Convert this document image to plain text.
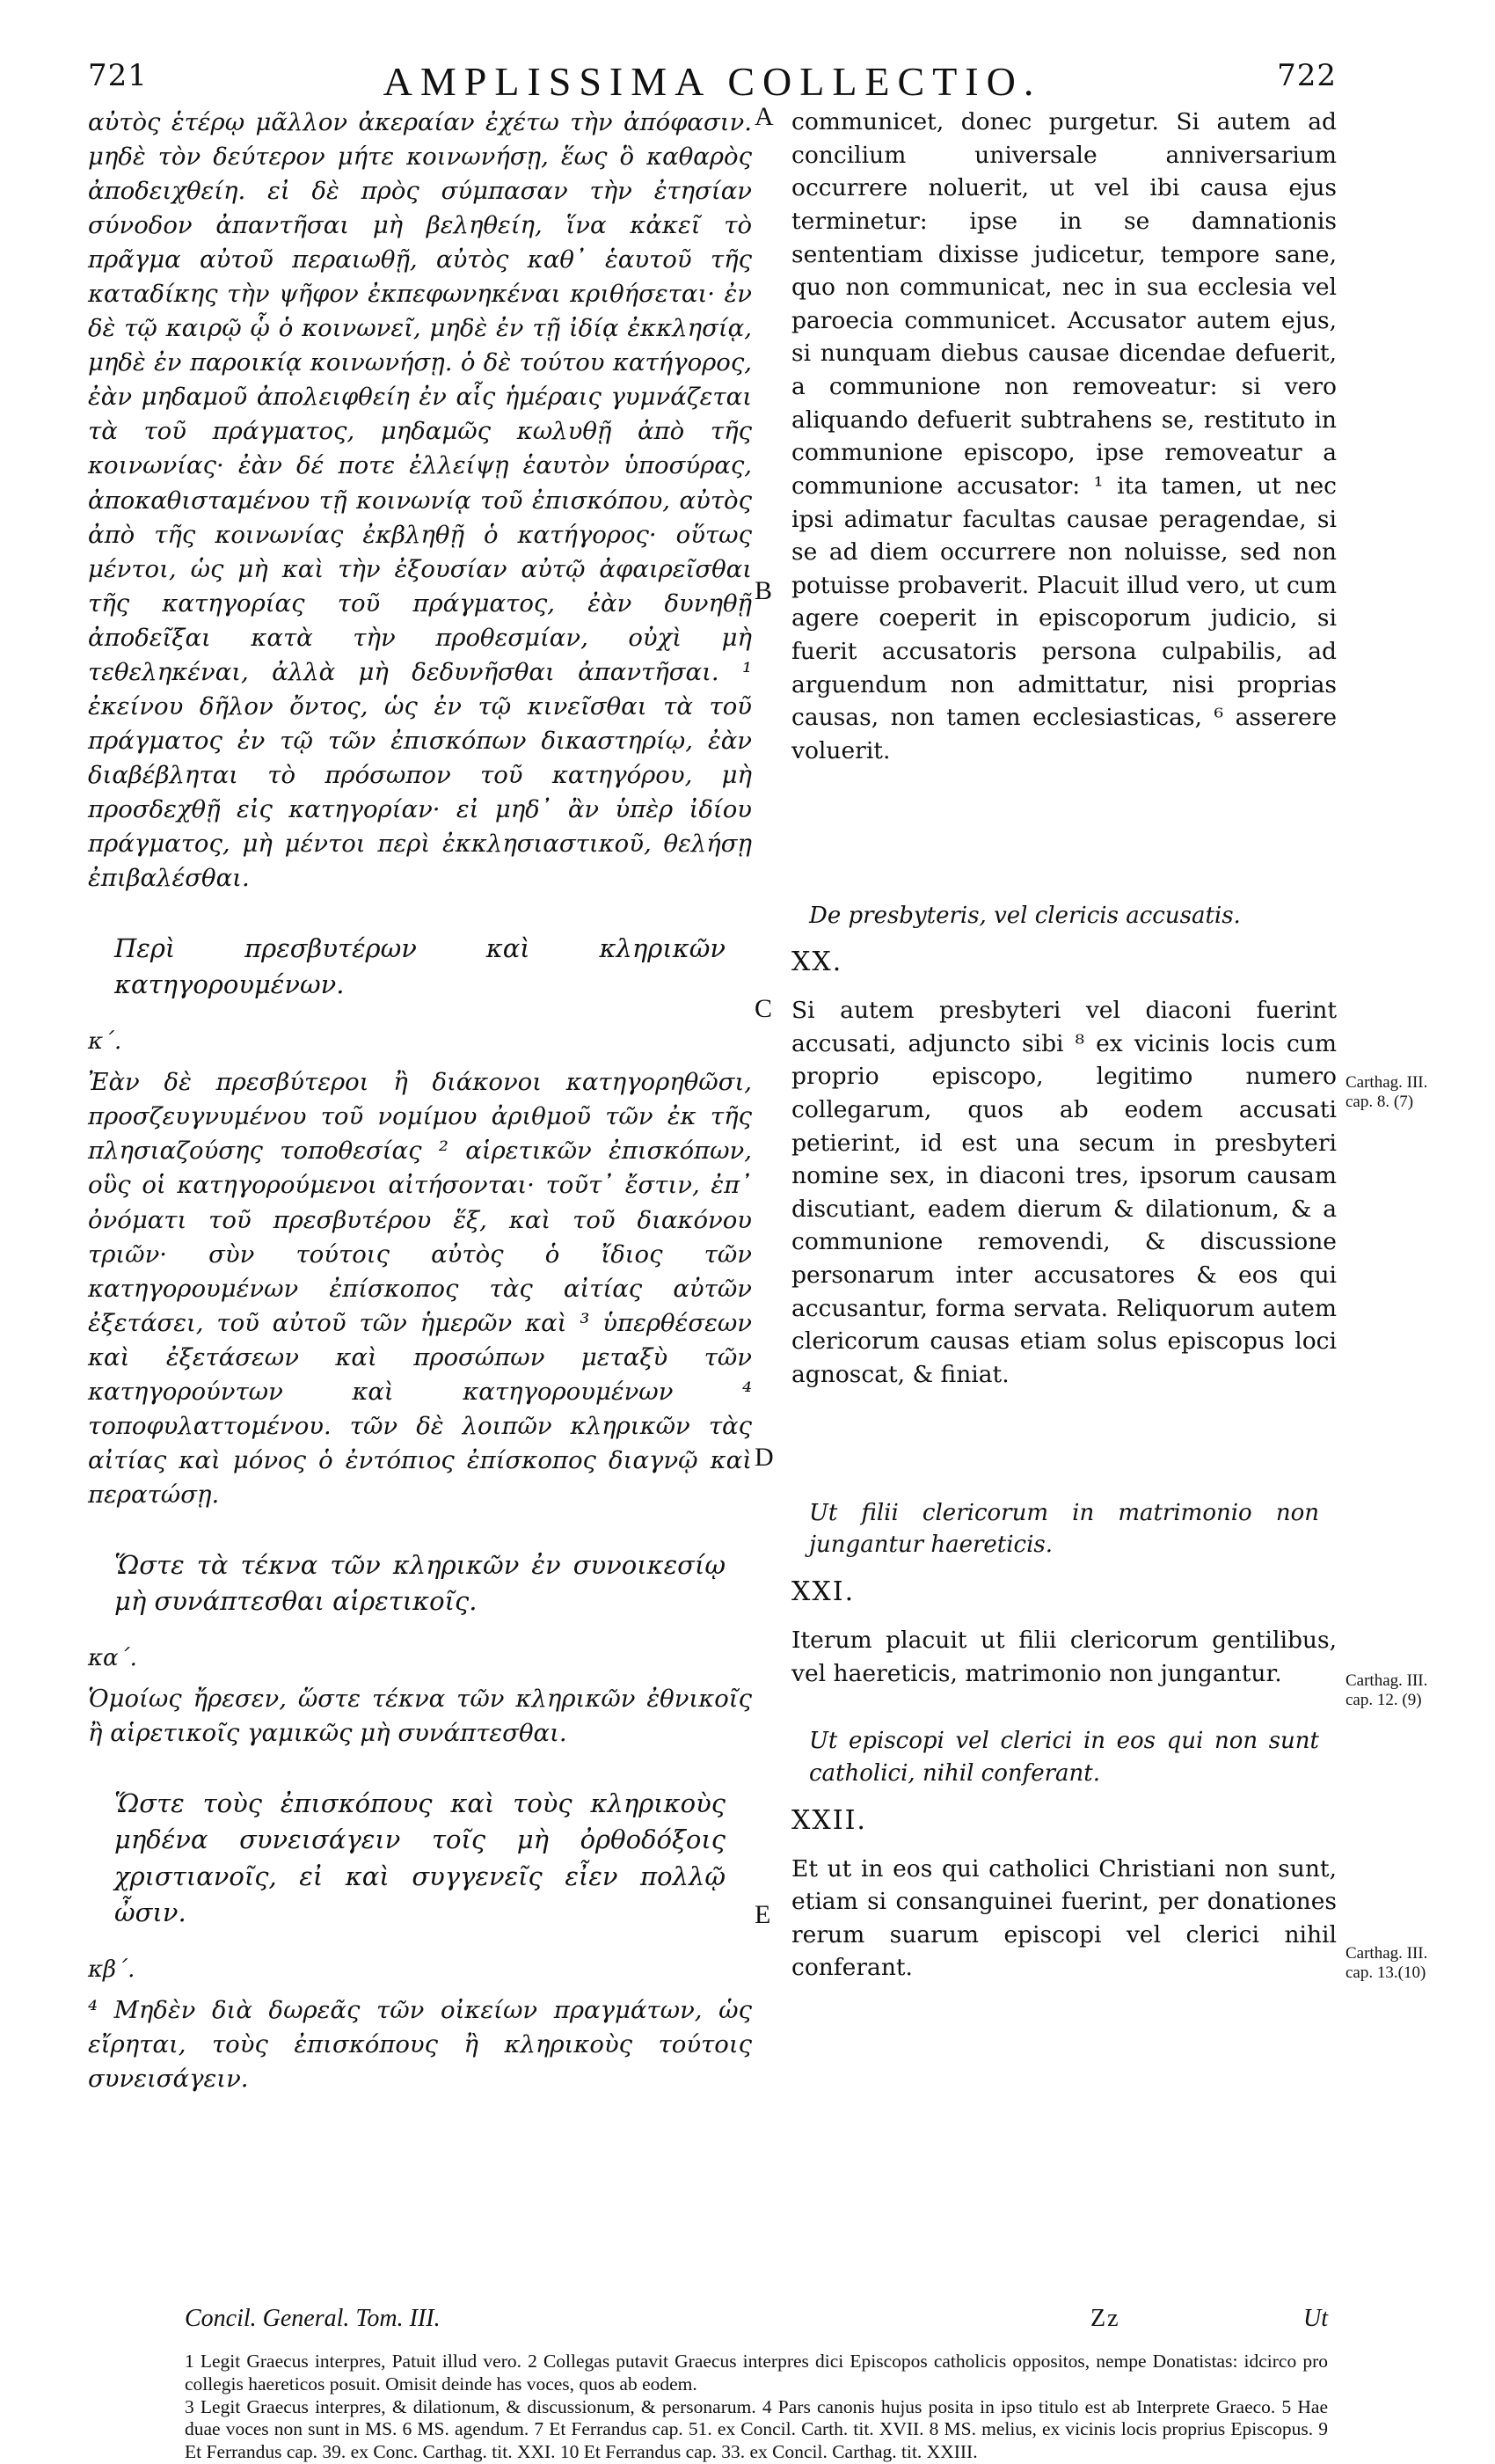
721	AMPLISSIMA COLLECTIO.	722

αὐτὸς ἑτέρῳ μᾶλλον ἀκεραίαν ἐχέτω τὴν ἀπόφασιν. μηδὲ τὸν δεύτερον μήτε κοινωνήσῃ, ἕως ὃ καθαρὸς ἀποδειχθείη. εἰ δὲ πρὸς σύμπασαν τὴν ἐτησίαν σύνοδον ἀπαντῆσαι μὴ βεληθείη, ἵνα κἀκεῖ τὸ πρᾶγμα αὐτοῦ περαιωθῇ, αὐτὸς καθ᾽ ἑαυτοῦ τῆς καταδίκης τὴν ψῆφον ἐκπεφωνηκέναι κριθήσεται· ἐν δὲ τῷ καιρῷ ᾧ ὁ κοινωνεῖ, μηδὲ ἐν τῇ ἰδίᾳ ἐκκλησίᾳ, μηδὲ ἐν παροικίᾳ κοινωνήσῃ. ὁ δὲ τούτου κατήγορος, ἐὰν μηδαμοῦ ἀπολειφθείη ἐν αἷς ἡμέραις γυμνάζεται τὰ τοῦ πράγματος, μηδαμῶς κωλυθῇ ἀπὸ τῆς κοινωνίας· ἐὰν δέ ποτε ἐλλείψῃ ἑαυτὸν ὑποσύρας, ἀποκαθισταμένου τῇ κοινωνίᾳ τοῦ ἐπισκόπου, αὐτὸς ἀπὸ τῆς κοινωνίας ἐκβληθῇ ὁ κατήγορος· οὕτως μέντοι, ὡς μὴ καὶ τὴν ἐξουσίαν αὐτῷ ἀφαιρεῖσθαι τῆς κατηγορίας τοῦ πράγματος, ἐὰν δυνηθῇ ἀποδεῖξαι κατὰ τὴν προθεσμίαν, οὐχὶ μὴ τεθεληκέναι, ἀλλὰ μὴ δεδυνῆσθαι ἀπαντῆσαι. ¹ ἐκείνου δῆλον ὄντος, ὡς ἐν τῷ κινεῖσθαι τὰ τοῦ πράγματος ἐν τῷ τῶν ἐπισκόπων δικαστηρίῳ, ἐὰν διαβέβληται τὸ πρόσωπον τοῦ κατηγόρου, μὴ προσδεχθῇ εἰς κατηγορίαν· εἰ μηδ᾽ ἂν ὑπὲρ ἰδίου πράγματος, μὴ μέντοι περὶ ἐκκλησιαστικοῦ, θελήσῃ ἐπιβαλέσθαι.

Περὶ πρεσβυτέρων καὶ κληρικῶν κατηγορουμένων.

κ΄.

Ἐὰν δὲ πρεσβύτεροι ἢ διάκονοι κατηγορηθῶσι, προσζευγνυμένου τοῦ νομίμου ἀριθμοῦ τῶν ἐκ τῆς πλησιαζούσης τοποθεσίας ² αἱρετικῶν ἐπισκόπων, οὓς οἱ κατηγορούμενοι αἰτήσονται· τοῦτ᾽ ἔστιν, ἐπ᾽ ὀνόματι τοῦ πρεσβυτέρου ἕξ, καὶ τοῦ διακόνου τριῶν· σὺν τούτοις αὐτὸς ὁ ἴδιος τῶν κατηγορουμένων ἐπίσκοπος τὰς αἰτίας αὐτῶν ἐξετάσει, τοῦ αὐτοῦ τῶν ἡμερῶν καὶ ³ ὑπερθέσεων καὶ ἐξετάσεων καὶ προσώπων μεταξὺ τῶν κατηγορούντων καὶ κατηγορουμένων ⁴ τοποφυλαττομένου. τῶν δὲ λοιπῶν κληρικῶν τὰς αἰτίας καὶ μόνος ὁ ἐντόπιος ἐπίσκοπος διαγνῷ καὶ περατώσῃ.

Ὥστε τὰ τέκνα τῶν κληρικῶν ἐν συνοικεσίῳ μὴ συνάπτεσθαι αἱρετικοῖς.

κα΄.

Ὁμοίως ἤρεσεν, ὥστε τέκνα τῶν κληρικῶν ἐθνικοῖς ἢ αἱρετικοῖς γαμικῶς μὴ συνάπτεσθαι.

Ὥστε τοὺς ἐπισκόπους καὶ τοὺς κληρικοὺς μηδένα συνεισάγειν τοῖς μὴ ὀρθοδόξοις χριστιανοῖς, εἰ καὶ συγγενεῖς εἶεν πολλῷ ὦσιν.

κβ΄.

⁴ Μηδὲν διὰ δωρεᾶς τῶν οἰκείων πραγμάτων, ὡς εἴρηται, τοὺς ἐπισκόπους ἢ κληρικοὺς τούτοις συνεισάγειν.

A
B
C
D
E

communicet, donec purgetur. Si autem ad concilium universale anniversarium occurrere noluerit, ut vel ibi causa ejus terminetur: ipse in se damnationis sententiam dixisse judicetur, tempore sane, quo non communicat, nec in sua ecclesia vel paroecia communicet. Accusator autem ejus, si nunquam diebus causae dicendae defuerit, a communione non removeatur: si vero aliquando defuerit subtrahens se, restituto in communione episcopo, ipse removeatur a communione accusator: ¹ ita tamen, ut nec ipsi adimatur facultas causae peragendae, si se ad diem occurrere non noluisse, sed non potuisse probaverit. Placuit illud vero, ut cum agere coeperit in episcoporum judicio, si fuerit accusatoris persona culpabilis, ad arguendum non admittatur, nisi proprias causas, non tamen ecclesiasticas, ⁶ asserere voluerit.

De presbyteris, vel clericis accusatis.

XX.

Si autem presbyteri vel diaconi fuerint accusati, adjuncto sibi ⁸ ex vicinis locis cum proprio episcopo, legitimo numero collegarum, quos ab eodem accusati petierint, id est una secum in presbyteri nomine sex, in diaconi tres, ipsorum causam discutiant, eadem dierum & dilationum, & a communione removendi, & discussione personarum inter accusatores & eos qui accusantur, forma servata. Reliquorum autem clericorum causas etiam solus episcopus loci agnoscat, & finiat.

Ut filii clericorum in matrimonio non jungantur haereticis.

XXI.

Iterum placuit ut filii clericorum gentilibus, vel haereticis, matrimonio non jungantur.

Ut episcopi vel clerici in eos qui non sunt catholici, nihil conferant.

XXII.

Et ut in eos qui catholici Christiani non sunt, etiam si consanguinei fuerint, per donationes rerum suarum episcopi vel clerici nihil conferant.

Carthag. III.
cap. 8. (7)
Carthag. III.
cap. 12. (9)
Carthag. III.
cap. 13.(10)
Concil. General. Tom. III.	Zz	Ut

1 Legit Graecus interpres, Patuit illud vero. 2 Collegas putavit Graecus interpres dici Episcopos catholicis oppositos, nempe Donatistas: idcirco pro collegis haereticos posuit. Omisit deinde has voces, quos ab eodem.

3 Legit Graecus interpres, & dilationum, & discussionum, & personarum. 4 Pars canonis hujus posita in ipso titulo est ab Interprete Graeco. 5 Hae duae voces non sunt in MS. 6 MS. agendum. 7 Et Ferrandus cap. 51. ex Concil. Carth. tit. XVII. 8 MS. melius, ex vicinis locis proprius Episcopus. 9 Et Ferrandus cap. 39. ex Conc. Carthag. tit. XXI. 10 Et Ferrandus cap. 33. ex Concil. Carthag. tit. XXIII.
